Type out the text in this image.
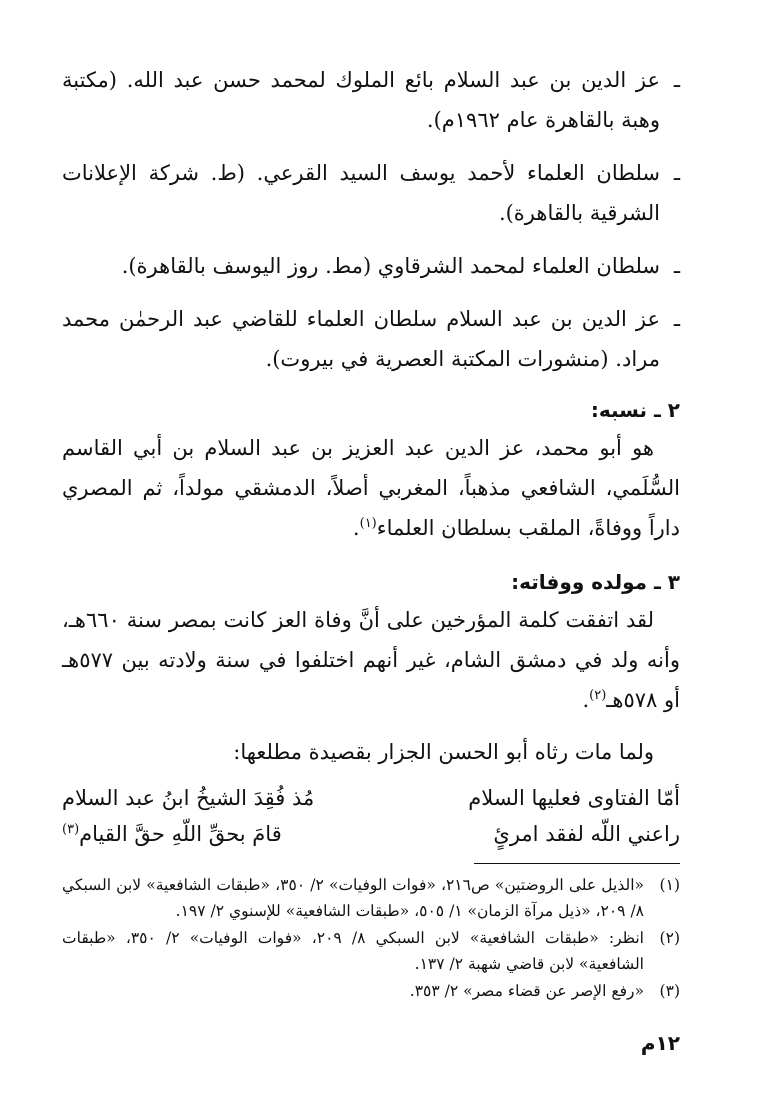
ـ
عز الدين بن عبد السلام بائع الملوك لمحمد حسن عبد الله. (مكتبة وهبة بالقاهرة عام ١٩٦٢م).
ـ
سلطان العلماء لأحمد يوسف السيد القرعي. (ط. شركة الإعلانات الشرقية بالقاهرة).
ـ
سلطان العلماء لمحمد الشرقاوي (مط. روز اليوسف بالقاهرة).
ـ
عز الدين بن عبد السلام سلطان العلماء للقاضي عبد الرحمٰن محمد مراد. (منشورات المكتبة العصرية في بيروت).
٢ ـ نسبه:

هو أبو محمد، عز الدين عبد العزيز بن عبد السلام بن أبي القاسم السُّلَمي، الشافعي مذهباً، المغربي أصلاً، الدمشقي مولداً، ثم المصري داراً ووفاةً، الملقب بسلطان العلماء$^{(١)}$.

٣ ـ مولده ووفاته:

لقد اتفقت كلمة المؤرخين على أنَّ وفاة العز كانت بمصر سنة ٦٦٠هـ، وأنه ولد في دمشق الشام، غير أنهم اختلفوا في سنة ولادته بين ٥٧٧هـ أو ٥٧٨هـ$^{(٢)}$.

ولما مات رثاه أبو الحسن الجزار بقصيدة مطلعها:
أمّا الفتاوى فعليها السلام
مُذ فُقِدَ الشيخُ ابنُ عبد السلام
راعني اللّه لفقد امرئٍ
قامَ بحقِّ اللّهِ حقَّ القيام$^{(٣)}$
(١)
«الذيل على الروضتين» ص٢١٦، «فوات الوفيات» ٢/ ٣٥٠، «طبقات الشافعية» لابن السبكي ٨/ ٢٠٩، «ذيل مرآة الزمان» ١/ ٥٠٥، «طبقات الشافعية» للإسنوي ٢/ ١٩٧.
(٢)
انظر: «طبقات الشافعية» لابن السبكي ٨/ ٢٠٩، «فوات الوفيات» ٢/ ٣٥٠، «طبقات الشافعية» لابن قاضي شهبة ٢/ ١٣٧.
(٣)
«رفع الإصر عن قضاء مصر» ٢/ ٣٥٣.
١٢م
